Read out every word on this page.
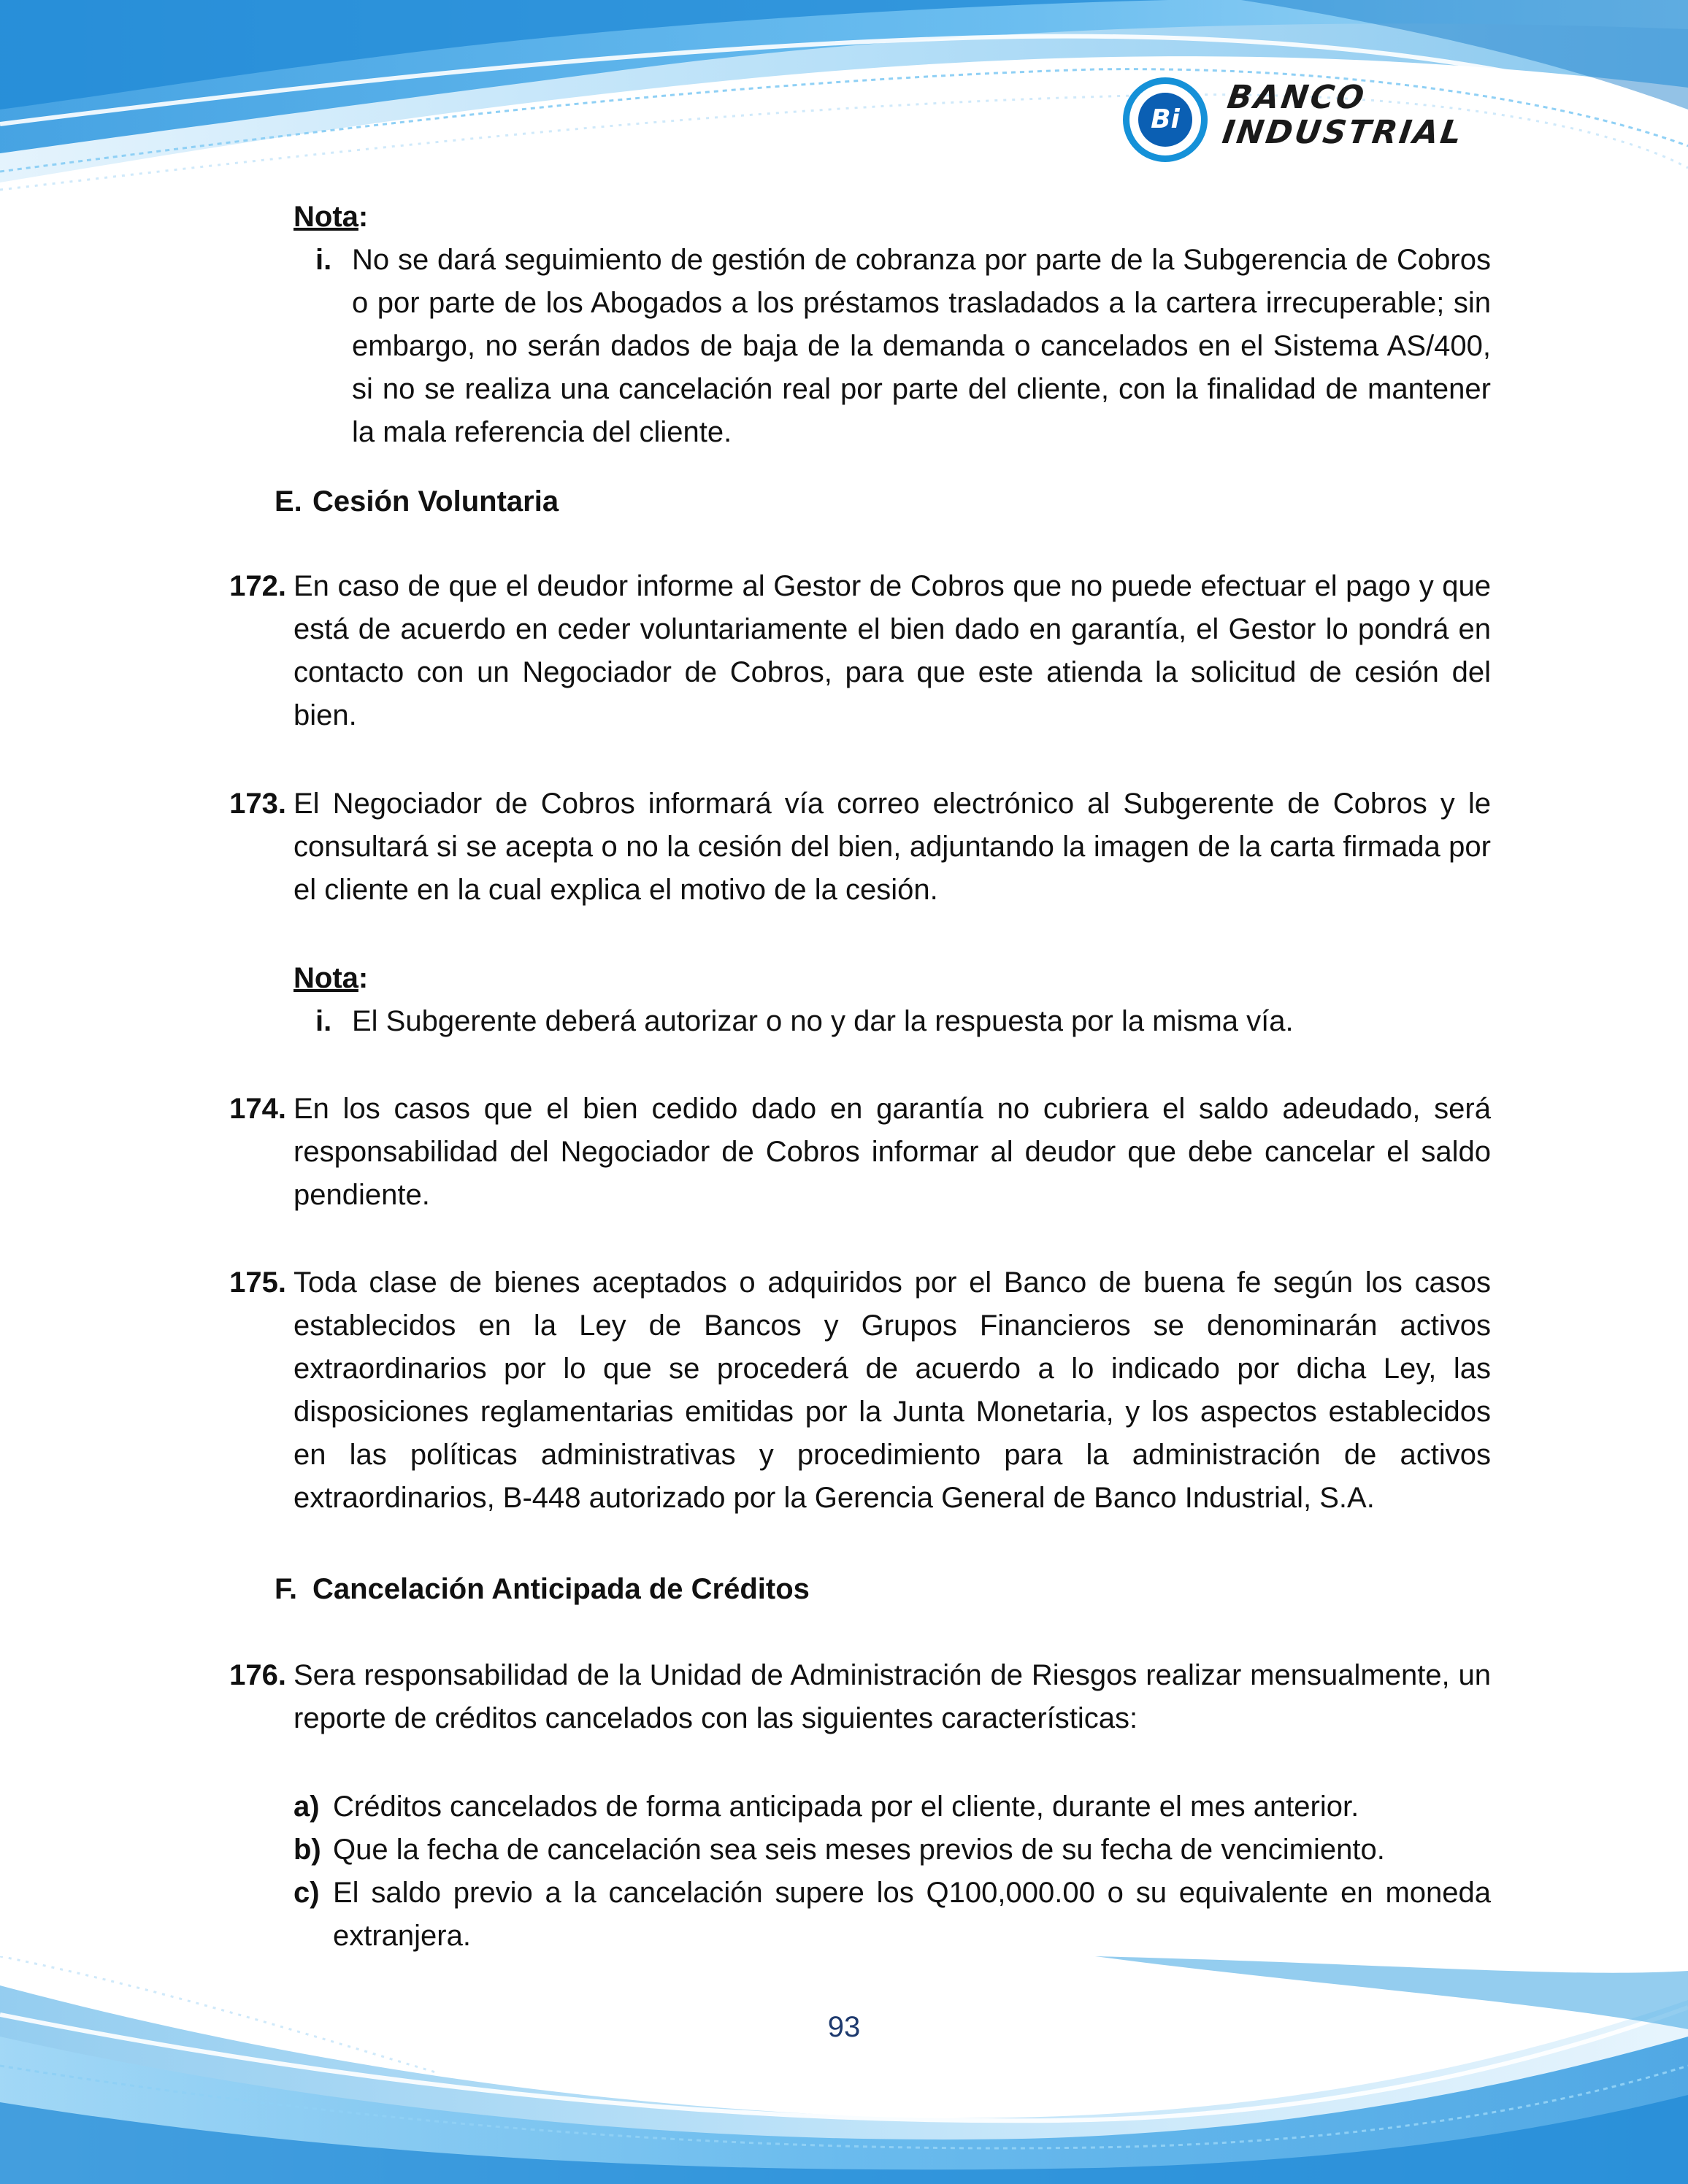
Bi
BANCO
INDUSTRIAL
Nota:
i. No se dará seguimiento de gestión de cobranza por parte de la Subgerencia de Cobros o por parte de los Abogados a los préstamos trasladados a la cartera irrecuperable; sin embargo, no serán dados de baja de la demanda o cancelados en el Sistema AS/400, si no se realiza una cancelación real por parte del cliente, con la finalidad de mantener la mala referencia del cliente.
E. Cesión Voluntaria
172. En caso de que el deudor informe al Gestor de Cobros que no puede efectuar el pago y que está de acuerdo en ceder voluntariamente el bien dado en garantía, el Gestor lo pondrá en contacto con un Negociador de Cobros, para que este atienda la solicitud de cesión del bien.
173. El Negociador de Cobros informará vía correo electrónico al Subgerente de Cobros y le consultará si se acepta o no la cesión del bien, adjuntando la imagen de la carta firmada por el cliente en la cual explica el motivo de la cesión.
Nota:
i. El Subgerente deberá autorizar o no y dar la respuesta por la misma vía.
174. En los casos que el bien cedido dado en garantía no cubriera el saldo adeudado, será responsabilidad del Negociador de Cobros informar al deudor que debe cancelar el saldo pendiente.
175. Toda clase de bienes aceptados o adquiridos por el Banco de buena fe según los casos establecidos en la Ley de Bancos y Grupos Financieros se denominarán activos extraordinarios por lo que se procederá de acuerdo a lo indicado por dicha Ley, las disposiciones reglamentarias emitidas por la Junta Monetaria, y los aspectos establecidos en las políticas administrativas y procedimiento para la administración de activos extraordinarios, B-448 autorizado por la Gerencia General de Banco Industrial, S.A.
F. Cancelación Anticipada de Créditos
176. Sera responsabilidad de la Unidad de Administración de Riesgos realizar mensualmente, un reporte de créditos cancelados con las siguientes características:
a) Créditos cancelados de forma anticipada por el cliente, durante el mes anterior.
b) Que la fecha de cancelación sea seis meses previos de su fecha de vencimiento.
c) El saldo previo a la cancelación supere los Q100,000.00 o su equivalente en moneda extranjera.
93
